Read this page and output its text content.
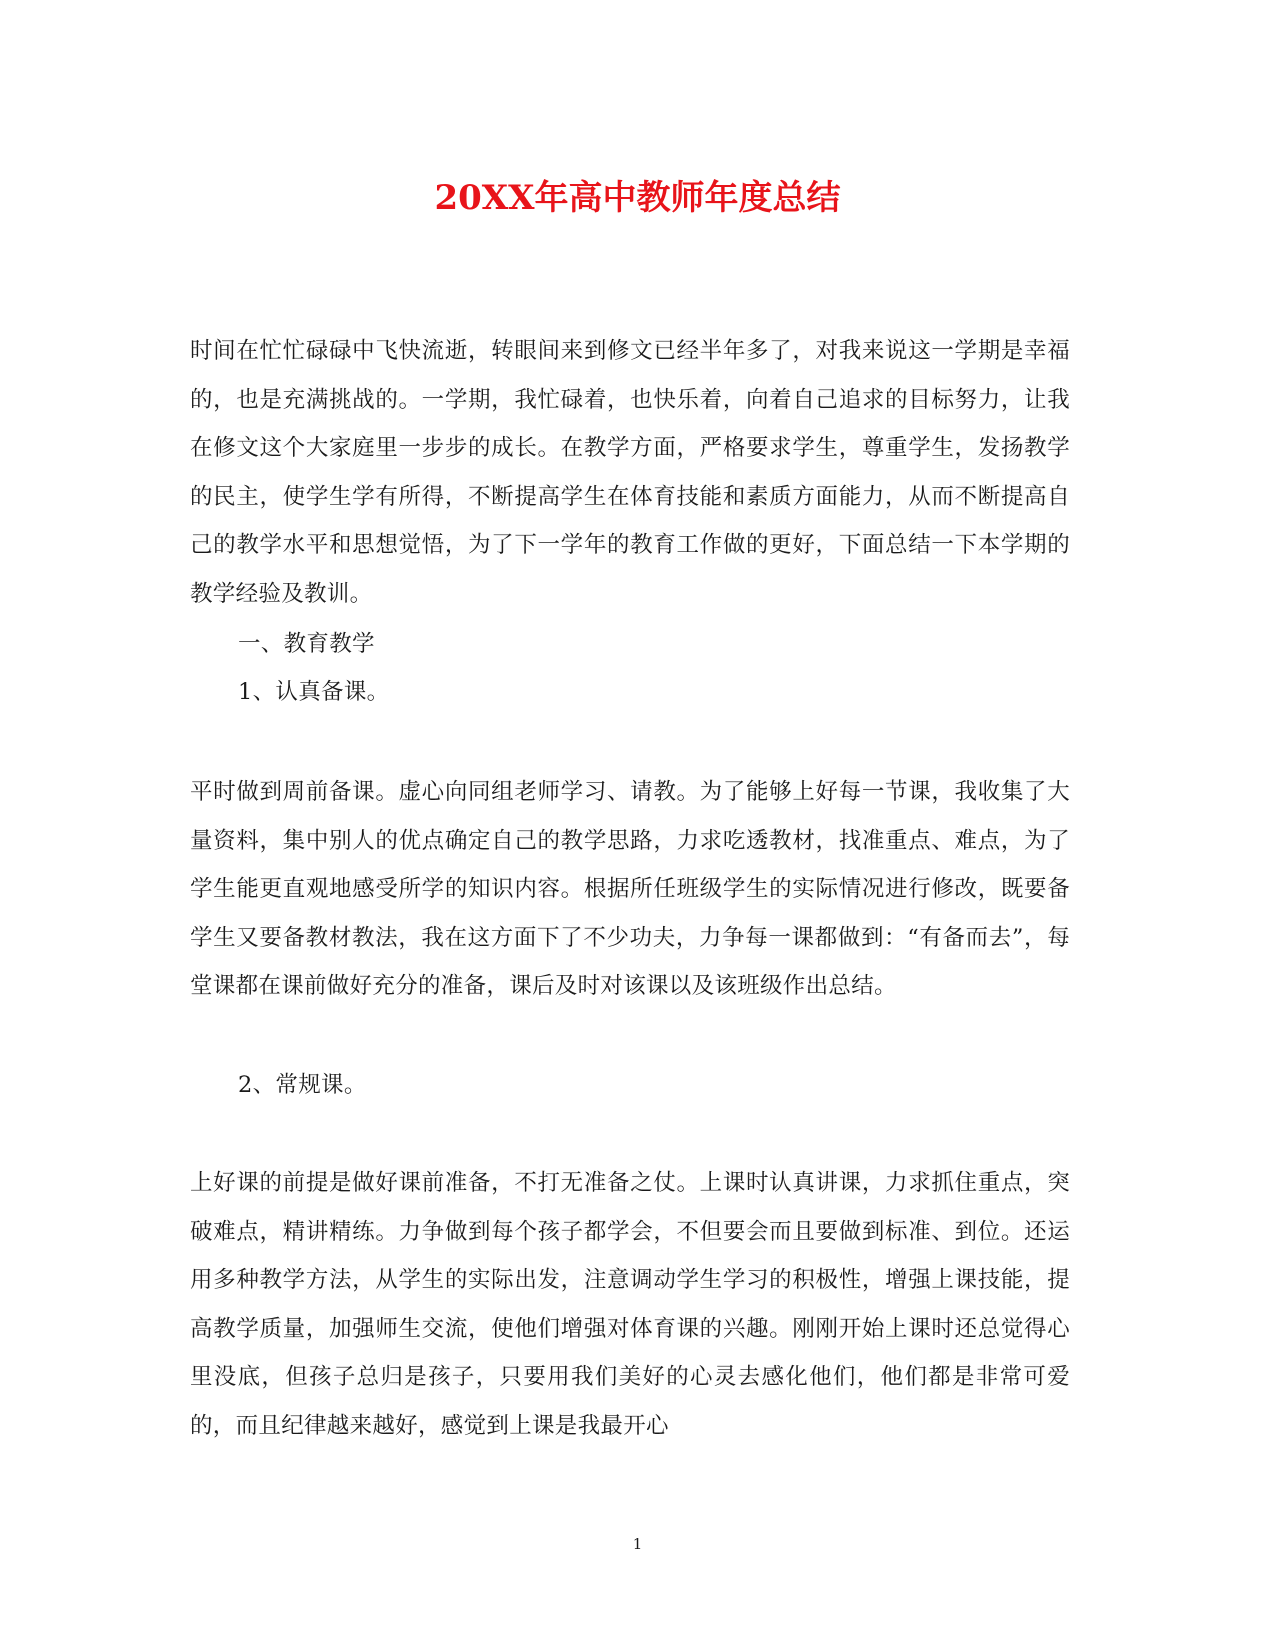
20XX年高中教师年度总结

时间在忙忙碌碌中飞快流逝，转眼间来到修文已经半年多了，对我来说这一学期是幸福的，也是充满挑战的。一学期，我忙碌着，也快乐着，向着自己追求的目标努力，让我在修文这个大家庭里一步步的成长。在教学方面，严格要求学生，尊重学生，发扬教学的民主，使学生学有所得，不断提高学生在体育技能和素质方面能力，从而不断提高自己的教学水平和思想觉悟，为了下一学年的教育工作做的更好，下面总结一下本学期的教学经验及教训。

一、教育教学

1、认真备课。

平时做到周前备课。虚心向同组老师学习、请教。为了能够上好每一节课，我收集了大量资料，集中别人的优点确定自己的教学思路，力求吃透教材，找准重点、难点，为了学生能更直观地感受所学的知识内容。根据所任班级学生的实际情况进行修改，既要备学生又要备教材教法，我在这方面下了不少功夫，力争每一课都做到：“有备而去”，每堂课都在课前做好充分的准备，课后及时对该课以及该班级作出总结。

2、常规课。

上好课的前提是做好课前准备，不打无准备之仗。上课时认真讲课，力求抓住重点，突破难点，精讲精练。力争做到每个孩子都学会，不但要会而且要做到标准、到位。还运用多种教学方法，从学生的实际出发，注意调动学生学习的积极性，增强上课技能，提高教学质量，加强师生交流，使他们增强对体育课的兴趣。刚刚开始上课时还总觉得心里没底，但孩子总归是孩子，只要用我们美好的心灵去感化他们，他们都是非常可爱的，而且纪律越来越好，感觉到上课是我最开心

1
